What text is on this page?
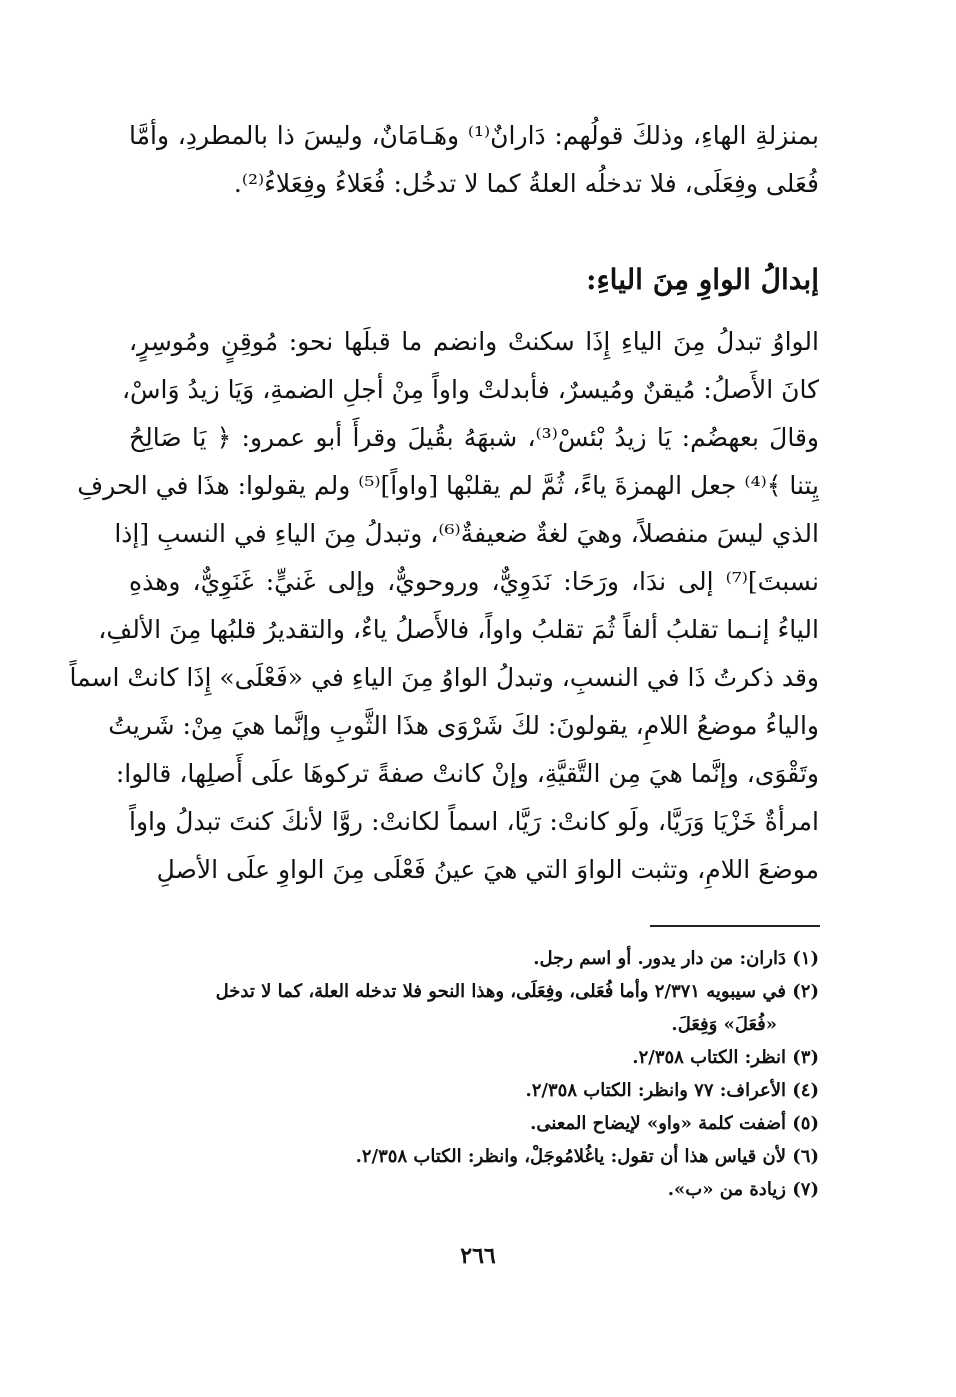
بمنزلةِ الهاءِ، وذلكَ قولُهم: دَارانٌ⁽¹⁾ وهَـامَانٌ، وليسَ ذا بالمطردِ، وأمَّا
فُعَلى وفِعَلَى، فلا تدخلُه العلةُ كما لا تدخُل: فُعَلاءُ وفِعَلاءُ⁽²⁾.
إبدالُ الواوِ مِنَ الياءِ:
الواوُ تبدلُ مِنَ الياءِ إِذَا سكنتْ وانضم ما قبلَها نحو: مُوقِنٍ ومُوسِرٍ،
كانَ الأَصلُ: مُيقنٌ ومُيسرٌ، فأبدلتْ واواً مِنْ أجلِ الضمةِ، وَيَا زيدُ وَاسْ،
وقالَ بعهضُم: يَا زيدُ بْئسْ⁽³⁾، شبهَهُ بقُيلَ وقرأَ أبو عمرو: ﴿ يَا صَالِحُ
يِتنا ﴾⁽⁴⁾ جعل الهمزةَ ياءً، ثُمَّ لم يقلبْها [واواً]⁽⁵⁾ ولم يقولوا: هذَا في الحرفِ
الذي ليسَ منفصلاً، وهيَ لغةٌ ضعيفةٌ⁽⁶⁾، وتبدلُ مِنَ الياءِ في النسبِ [إذا
نسبتَ]⁽⁷⁾ إلى ندَا، ورَحَا: نَدَوِيٌّ، وروحويٌّ، وإلى غَنيٍّ: غَنَوِيٌّ، وهذهِ
الياءُ إنـما تقلبُ ألفاً ثُمَ تقلبُ واواً، فالأَصلُ ياءٌ، والتقديرُ قلبُها مِنَ الألفِ،
وقد ذكرتُ ذَا في النسبِ، وتبدلُ الواوُ مِنَ الياءِ في «فَعْلَى» إِذَا كانتْ اسماً
والياءُ موضعُ اللامِ، يقولونَ: لكَ شَرْوَى هذَا الثَّوبِ وإنَّما هيَ مِنْ: شَريتُ
وتَقْوَى، وإنَّما هيَ مِن التَّقيَّةِ، وإنْ كانتْ صفةً تركوهَا علَى أَصلِها، قالوا:
امرأةٌ خَزْيَا وَرَيَّا، ولَو كانتْ: رَيَّا، اسماً لكانتْ: روَّا لأنكَ كنتَ تبدلُ واواً
موضعَ اللامِ، وتثبت الواوَ التي هيَ عينُ فَعْلَى مِنَ الواوِ علَى الأصلِ
(١) دَاران: من دار يدور. أو اسم رجل.
(٢) في سيبويه ٢/٣٧١ وأما فُعَلى، وفِعَلَى، وهذا النحو فلا تدخله العلة، كما لا تدخل
«فُعَلَ» وَفِعَلَ.
(٣) انظر: الكتاب ٢/٣٥٨.
(٤) الأعراف: ٧٧ وانظر: الكتاب ٢/٣٥٨.
(٥) أضفت كلمة «واو» لإيضاح المعنى.
(٦) لأن قياس هذا أن تقول: ياغُلامُوجَلْ، وانظر: الكتاب ٢/٣٥٨.
(٧) زيادة من «ب».
٢٦٦
